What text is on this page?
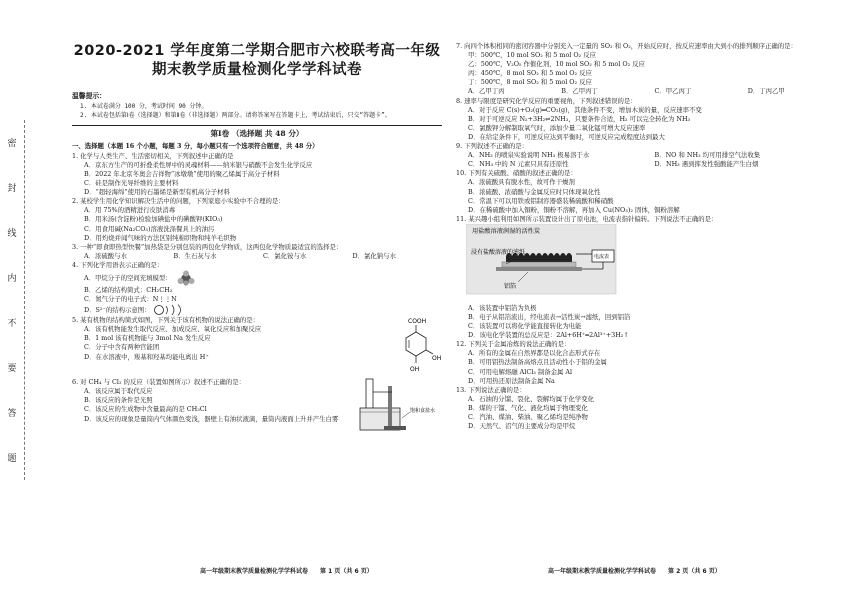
密
封
线
内
不
要
答
题
2020-2021 学年度第二学期合肥市六校联考高一年级
期末教学质量检测化学学科试卷
温馨提示：
1. 本试卷满分 100 分，考试时间 90 分钟。
2. 本试卷包括第Ⅰ卷（选择题）和第Ⅱ卷（非选择题）两部分。请将答案写在答题卡上，考试结束后，只交“答题卡”。
第Ⅰ卷 （选择题 共 48 分）
一、选择题（本题 16 个小题，每题 3 分，每小题只有一个选项符合题意，共 48 分）
1. 化学与人类生产、生活密切相关，下列叙述中正确的是
A．京东方生产的可折叠柔性屏中的灵魂材料——纳米银与硝酸不会发生化学反应
B．2022 年北京冬奥会吉祥物“冰墩墩”使用的聚乙烯属于高分子材料
C．硅是制作光导纤维的主要材料
D．“超轻海绵”使用的石墨烯是新型有机高分子材料
2. 某校学生用化学知识解决生活中的问题，下列家庭小实验中不合理的是：
A．用 75%的酒精进行皮肤消毒
B．用米汤(含淀粉)检验加碘盐中的碘酸钾(KIO₃)
C．用食用碱(Na₂CO₃)溶液洗涤餐具上的油污
D．用灼烧并闻气味的方法区别纯棉织物和纯羊毛织物
3. 一种“即食即热型快餐”加热袋是分别包装的两包化学物质，这两包化学物质最适宜的选择是：
A．浓硫酸与水	B．生石灰与水	C．氯化铵与水	D．氯化钠与水
4. 下列化学用语表示正确的是：
A．甲烷分子的空间充填模型：
B．乙烯的结构简式：CH₂CH₂
C．氮气分子的电子式：N⋮⋮N
D．S²⁻的结构示意图：
5. 某有机物的结构简式如图，下列关于该有机物的说法正确的是：
A．该有机物能发生取代反应、加成反应、氧化反应和加聚反应
B．1 mol 该有机物能与 3mol Na 发生反应
C．分子中含有两种官能团
D．在水溶液中，羧基和羟基均能电离出 H⁺
COOH
OH
OH
6. 对 CH₄ 与 Cl₂ 的反应（装置如图所示）叙述不正确的是：
A．该反应属于取代反应
B．该反应的条件是光照
C．该反应的生成物中含量最高的是 CH₃Cl
D．该反应的现象是量筒内气体颜色变浅，器壁上有油状液滴，量筒内液面上升并产生白雾
饱和食盐水
7. 向四个体积相同的密闭容器中分别充入一定量的 SO₂ 和 O₂，开始反应时，按反应速率由大到小的排列顺序正确的是：
甲：500℃，10 mol SO₂ 和 5 mol O₂ 反应
乙：500℃，V₂O₅ 作催化剂，10 mol SO₂ 和 5 mol O₂ 反应
丙：450℃，8 mol SO₂ 和 5 mol O₂ 反应
丁：500℃，8 mol SO₂ 和 5 mol O₂ 反应
A．乙甲丁丙	B．乙甲丙丁	C．甲乙丙丁	D．丁丙乙甲
8. 速率与限度是研究化学反应的重要视角，下列叙述错误的是：
A．对于反应 C(s)+O₂(g)═CO₂(g)，其他条件不变，增加木炭的量，反应速率不变
B．对于可逆反应 N₂+3H₂⇌2NH₃，只要条件合适，H₂ 可以完全转化为 NH₃
C．氯酸钾分解制取氧气时，添加少量二氧化锰可增大反应速率
D．在给定条件下，可逆反应达到平衡时，可逆反应完成程度达到最大
9. 下列叙述不正确的是：
A．NH₃ 的喷泉实验说明 NH₃ 极易溶于水	B．NO 和 NH₃ 均可用排空气法收集
C．NH₃ 中的 N 元素只具有还原性	D．NH₃ 遇到挥发性强酸能产生白烟
10. 下列有关硫酸、硝酸的叙述正确的是：
A．浓硫酸具有脱水性，故可作干燥剂
B．浓硫酸、浓硝酸与金属反应时只体现氧化性
C．常温下可以用铁或铝制容器盛装稀硫酸和稀硝酸
D．在稀硫酸中加入铜粉，铜粉不溶解，再加入 Cu(NO₃)₂ 固体，铜粉溶解
11. 某兴趣小组利用如图所示装置设计出了原电池，电流表指针偏转。下列说法不正确的是：
用盐酸溶液润湿的活性炭
浸有盐酸溶液的滤纸
电流表
铝箔
A．该装置中铝箔为负极
B．电子从铝箔流出，经电流表→活性炭→滤纸，回到铝箔
C．该装置可以将化学能直接转化为电能
D．该电化学装置的总反应是：2Al+6H⁺═2Al³⁺+3H₂↑
12. 下列关于金属冶炼的说法正确的是：
A．所有的金属在自然界都是以化合态形式存在
B．可用铝热法制备高熔点且活动性小于铝的金属
C．可用电解熔融 AlCl₃ 制备金属 Al
D．可用热还原法制备金属 Na
13. 下列说法正确的是：
A．石油的分馏、裂化、裂解均属于化学变化
B．煤的干馏、气化、液化均属于物理变化
C．汽油、煤油、柴油、聚乙烯均是纯净物
D．天然气、沼气的主要成分均是甲烷
高一年级期末教学质量检测化学学科试卷　　第 1 页（共 6 页）	高一年级期末教学质量检测化学学科试卷　　第 2 页（共 6 页）
